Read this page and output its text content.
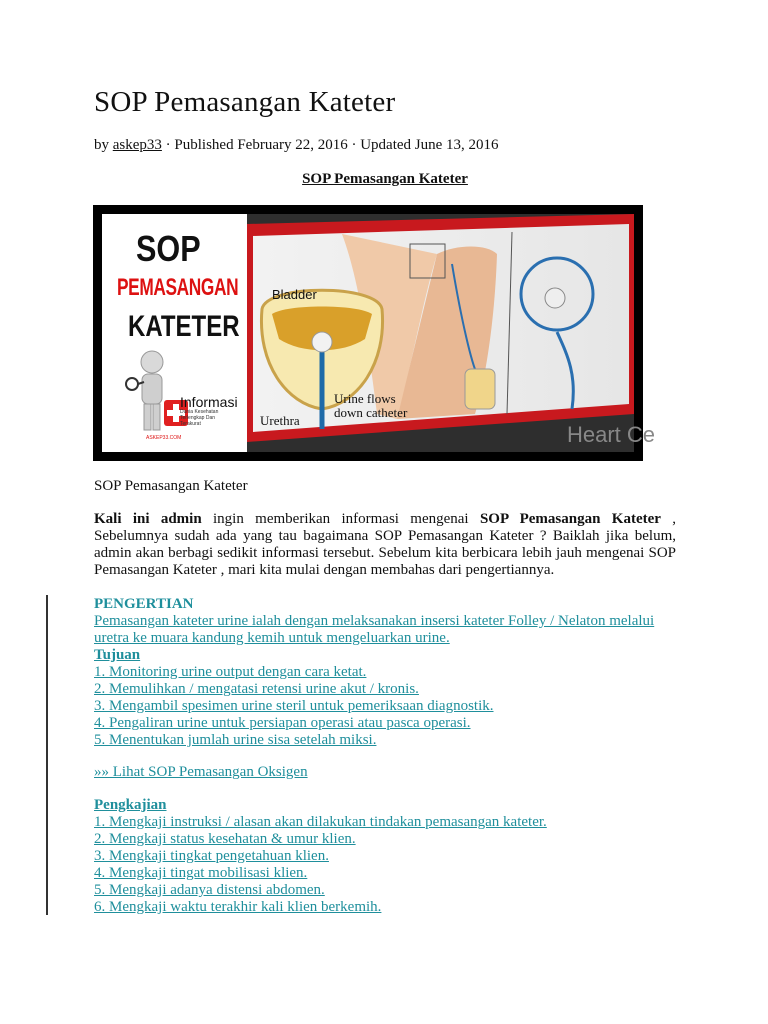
SOP Pemasangan Kateter
by askep33 · Published February 22, 2016 · Updated June 13, 2016
SOP Pemasangan Kateter
SOP
PEMASANGAN
KATETER
Informasi
Dunia Kesehatan Terlengkap Dan Terakurat
ASKEP33.COM	Heart Ce
Bladder
Urine flows
down catheter
Urethra
SOP Pemasangan Kateter
Kali ini admin ingin memberikan informasi mengenai SOP Pemasangan Kateter , Sebelumnya sudah ada yang tau bagaimana SOP Pemasangan Kateter ? Baiklah jika belum, admin akan berbagi sedikit informasi tersebut. Sebelum kita berbicara lebih jauh mengenai SOP Pemasangan Kateter , mari kita mulai dengan membahas dari pengertiannya.
PENGERTIAN
Pemasangan kateter urine ialah dengan melaksanakan insersi kateter Folley / Nelaton melalui
uretra ke muara kandung kemih untuk mengeluarkan urine.
Tujuan
1. Monitoring urine output dengan cara ketat.
2. Memulihkan / mengatasi retensi urine akut / kronis.
3. Mengambil spesimen urine steril untuk pemeriksaan diagnostik.
4. Pengaliran urine untuk persiapan operasi atau pasca operasi.
5. Menentukan jumlah urine sisa setelah miksi.
»» Lihat SOP Pemasangan Oksigen
Pengkajian
1. Mengkaji instruksi / alasan akan dilakukan tindakan pemasangan kateter.
2. Mengkaji status kesehatan & umur klien.
3. Mengkaji tingkat pengetahuan klien.
4. Mengkaji tingat mobilisasi klien.
5. Mengkaji adanya distensi abdomen.
6. Mengkaji waktu terakhir kali klien berkemih.
